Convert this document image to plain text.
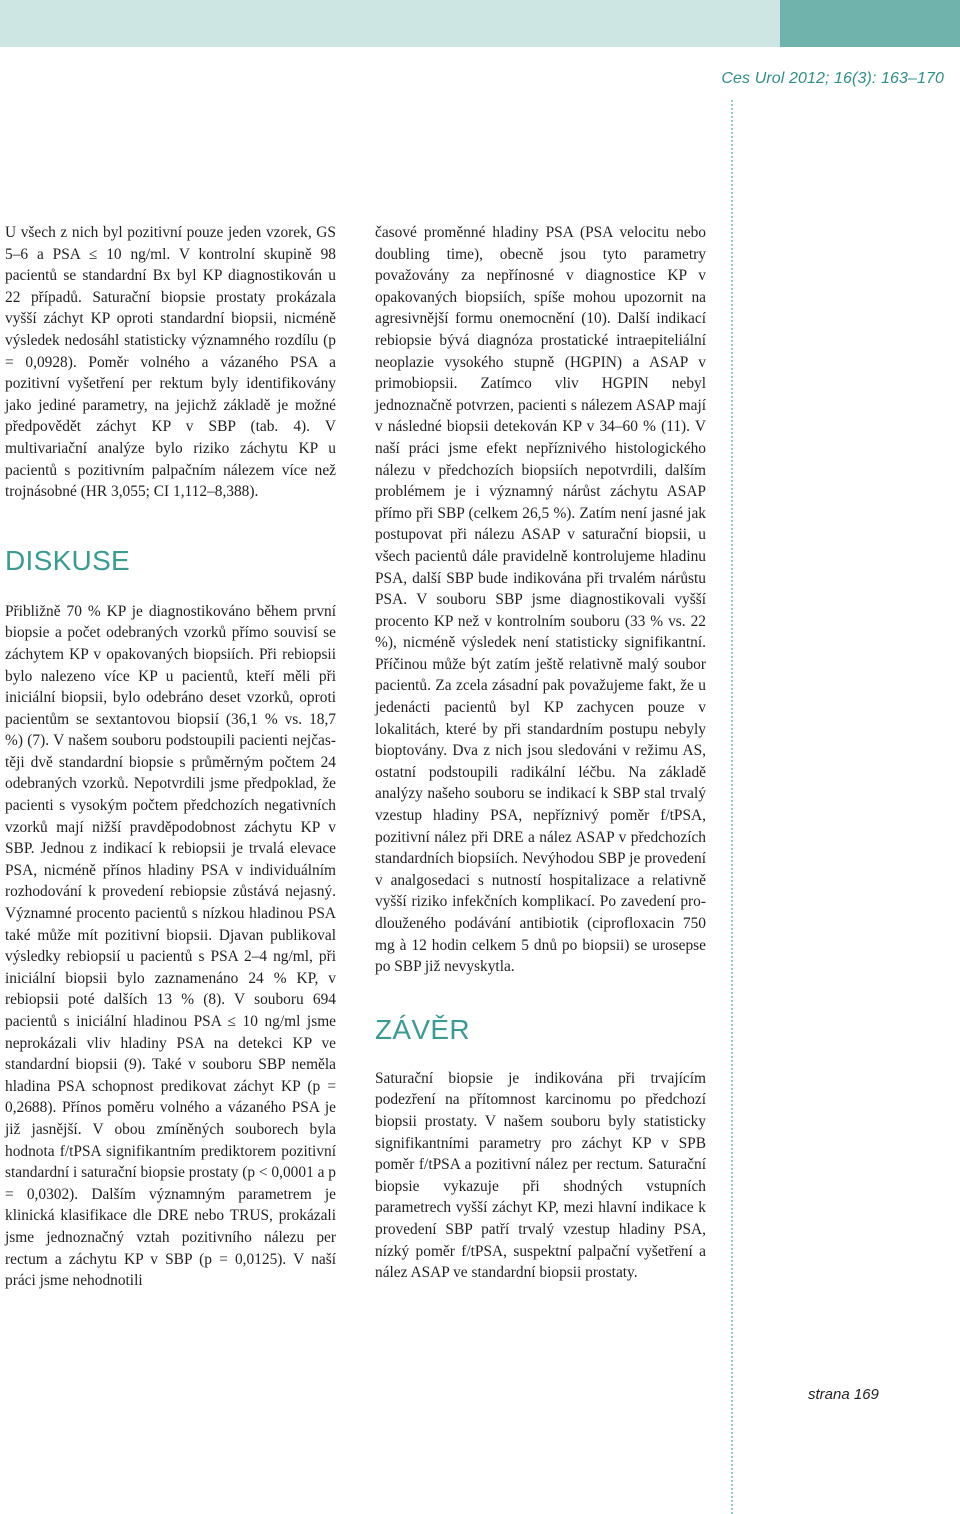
Ces Urol 2012; 16(3): 163–170

U všech z nich byl pozitivní pouze jeden vzorek, GS 5–6 a PSA ≤ 10 ng/ml. V kontrolní skupině 98 pacientů se standardní Bx byl KP diagnostikován u 22 případů. Saturační biopsie prostaty prokázala vyšší záchyt KP oproti standardní biopsii, nicméně výsledek nedosáhl statisticky významného rozdílu (p = 0,0928). Poměr volného a vázaného PSA a pozitivní vyšetření per rektum byly identifikovány jako jediné parametry, na jejichž základě je možné předpovědět záchyt KP v SBP (tab. 4). V multivariační analýze bylo riziko záchytu KP u pacientů s pozitivním palpačním nálezem více než trojnásobné (HR 3,055; CI 1,112–8,388).

DISKUSE

Přibližně 70 % KP je diagnostikováno během první biopsie a počet odebraných vzorků přímo souvisí se záchytem KP v opakovaných biopsiích. Při rebiopsii bylo nalezeno více KP u pacientů, kteří měli při iniciální biopsii, bylo odebráno deset vzorků, oproti pacientům se sextantovou biopsií (36,1 % vs. 18,7 %) (7). V našem souboru podstoupili pacienti nejčastěji dvě standardní biopsie s průměrným počtem 24 odebraných vzorků. Nepotvrdili jsme předpoklad, že pacienti s vysokým počtem předchozích negativních vzorků mají nižší pravděpodobnost záchytu KP v SBP. Jednou z indikací k rebiopsii je trvalá elevace PSA, nicméně přínos hladiny PSA v individuálním rozhodování k provedení rebiopsie zůstává nejasný. Významné procento pacientů s nízkou hladinou PSA také může mít pozitivní biopsii. Djavan publikoval výsledky rebiopsií u pacientů s PSA 2–4 ng/ml, při iniciální biopsii bylo zaznamenáno 24 % KP, v rebiopsii poté dalších 13 % (8). V souboru 694 pacientů s iniciální hladinou PSA ≤ 10 ng/ml jsme neprokázali vliv hladiny PSA na detekci KP ve standardní biopsii (9). Také v souboru SBP neměla hladina PSA schopnost predikovat záchyt KP (p = 0,2688). Přínos poměru volného a vázaného PSA je již jasnější. V obou zmíněných souborech byla hodnota f/tPSA signifikantním prediktorem pozitivní standardní i saturační biopsie prostaty (p < 0,0001 a p = 0,0302). Dalším významným parametrem je klinická klasifikace dle DRE nebo TRUS, prokázali jsme jednoznačný vztah pozitivního nálezu per rectum a záchytu KP v SBP (p = 0,0125). V naší práci jsme nehodnotili

časové proměnné hladiny PSA (PSA velocitu nebo doubling time), obecně jsou tyto parametry považovány za nepřínosné v diagnostice KP v opakovaných biopsiích, spíše mohou upozornit na agresivnější formu onemocnění (10). Další indikací rebiopsie bývá diagnóza prostatické intraepiteliální neoplazie vysokého stupně (HGPIN) a ASAP v primobiopsii. Zatímco vliv HGPIN nebyl jednoznačně potvrzen, pacienti s nálezem ASAP mají v následné biopsii detekován KP v 34–60 % (11). V naší práci jsme efekt nepříznivého histologického nálezu v předchozích biopsiích nepotvrdili, dalším problémem je i významný nárůst záchytu ASAP přímo při SBP (celkem 26,5 %). Zatím není jasné jak postupovat při nálezu ASAP v saturační biopsii, u všech pacientů dále pravidelně kontrolujeme hladinu PSA, další SBP bude indikována při trvalém nárůstu PSA. V souboru SBP jsme diagnostikovali vyšší procento KP než v kontrolním souboru (33 % vs. 22 %), nicméně výsledek není statisticky signifikantní. Příčinou může být zatím ještě relativně malý soubor pacientů. Za zcela zásadní pak považujeme fakt, že u jedenácti pacientů byl KP zachycen pouze v lokalitách, které by při standardním postupu nebyly bioptovány. Dva z nich jsou sledováni v režimu AS, ostatní podstoupili radikální léčbu. Na základě analýzy našeho souboru se indikací k SBP stal trvalý vzestup hladiny PSA, nepříznivý poměr f/tPSA, pozitivní nález při DRE a nález ASAP v předchozích standardních biopsiích. Nevýhodou SBP je provedení v analgosedaci s nutností hospitalizace a relativně vyšší riziko infekčních komplikací. Po zavedení prodlouženého podávání antibiotik (ciprofloxacin 750 mg à 12 hodin celkem 5 dnů po biopsii) se urosepse po SBP již nevyskytla.

ZÁVĚR

Saturační biopsie je indikována při trvajícím podezření na přítomnost karcinomu po předchozí biopsii prostaty. V našem souboru byly statisticky signifikantními parametry pro záchyt KP v SPB poměr f/tPSA a pozitivní nález per rectum. Saturační biopsie vykazuje při shodných vstupních parametrech vyšší záchyt KP, mezi hlavní indikace k provedení SBP patří trvalý vzestup hladiny PSA, nízký poměr f/tPSA, suspektní palpační vyšetření a nález ASAP ve standardní biopsii prostaty.

strana 169
